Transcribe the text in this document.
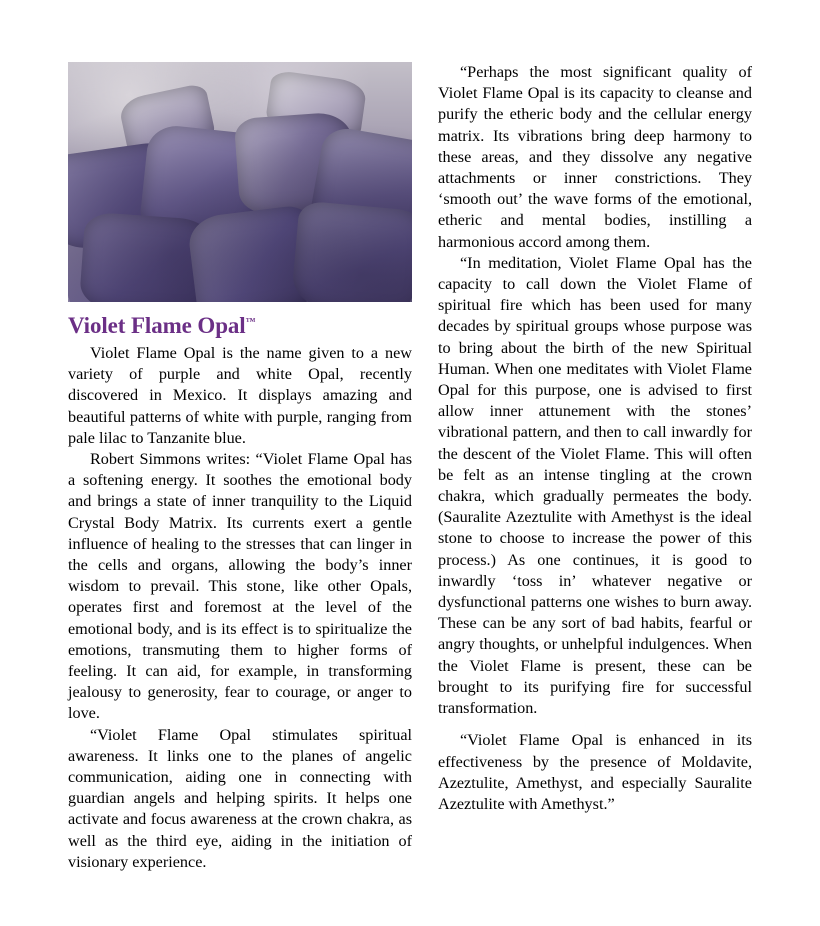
Violet Flame Opal™

Violet Flame Opal is the name given to a new variety of purple and white Opal, recently discovered in Mexico. It displays amazing and beautiful patterns of white with purple, ranging from pale lilac to Tanzanite blue.

Robert Simmons writes: “Violet Flame Opal has a softening energy. It soothes the emotional body and brings a state of inner tranquility to the Liquid Crystal Body Matrix. Its currents exert a gentle influence of healing to the stresses that can linger in the cells and organs, allowing the body’s inner wisdom to prevail. This stone, like other Opals, operates first and foremost at the level of the emotional body, and is its effect is to spiritualize the emotions, transmuting them to higher forms of feeling. It can aid, for example, in transforming jealousy to generosity, fear to courage, or anger to love.

“Violet Flame Opal stimulates spiritual awareness. It links one to the planes of angelic communication, aiding one in connecting with guardian angels and helping spirits. It helps one activate and focus awareness at the crown chakra, as well as the third eye, aiding in the initiation of visionary experience.

“Perhaps the most significant quality of Violet Flame Opal is its capacity to cleanse and purify the etheric body and the cellular energy matrix. Its vibrations bring deep harmony to these areas, and they dissolve any negative attachments or inner constrictions. They ‘smooth out’ the wave forms of the emotional, etheric and mental bodies, instilling a harmonious accord among them.

“In meditation, Violet Flame Opal has the capacity to call down the Violet Flame of spiritual fire which has been used for many decades by spiritual groups whose purpose was to bring about the birth of the new Spiritual Human. When one meditates with Violet Flame Opal for this purpose, one is advised to first allow inner attunement with the stones’ vibrational pattern, and then to call inwardly for the descent of the Violet Flame. This will often be felt as an intense tingling at the crown chakra, which gradually permeates the body. (Sauralite Azeztulite with Amethyst is the ideal stone to choose to increase the power of this process.) As one continues, it is good to inwardly ‘toss in’ whatever negative or dysfunctional patterns one wishes to burn away. These can be any sort of bad habits, fearful or angry thoughts, or unhelpful indulgences. When the Violet Flame is present, these can be brought to its purifying fire for successful transformation.

“Violet Flame Opal is enhanced in its effectiveness by the presence of Moldavite, Azeztulite, Amethyst, and especially Sauralite Azeztulite with Amethyst.”
